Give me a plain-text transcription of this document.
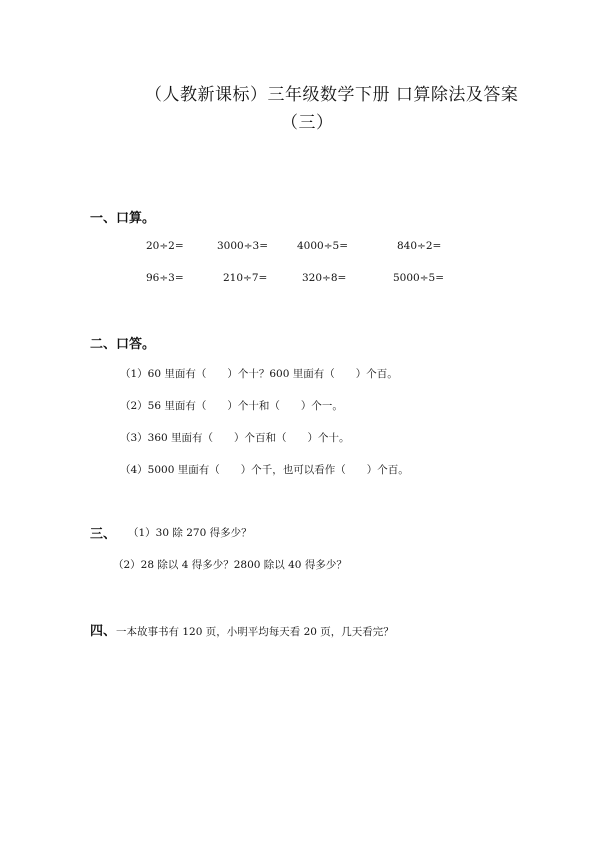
（人教新课标）三年级数学下册 口算除法及答案
（三）
一、口算。
20÷2=	3000÷3=	4000÷5=	840÷2=
96÷3=	210÷7=	320÷8=	5000÷5=
二、口答。
（1）60 里面有（　　）个十？600 里面有（　　）个百。
（2）56 里面有（　　）个十和（　　）个一。
（3）360 里面有（　　）个百和（　　）个十。
（4）5000 里面有（　　）个千，也可以看作（　　）个百。
三、 （1）30 除 270 得多少？
（2）28 除以 4 得多少？2800 除以 40 得多少？
四、一本故事书有 120 页，小明平均每天看 20 页，几天看完？
